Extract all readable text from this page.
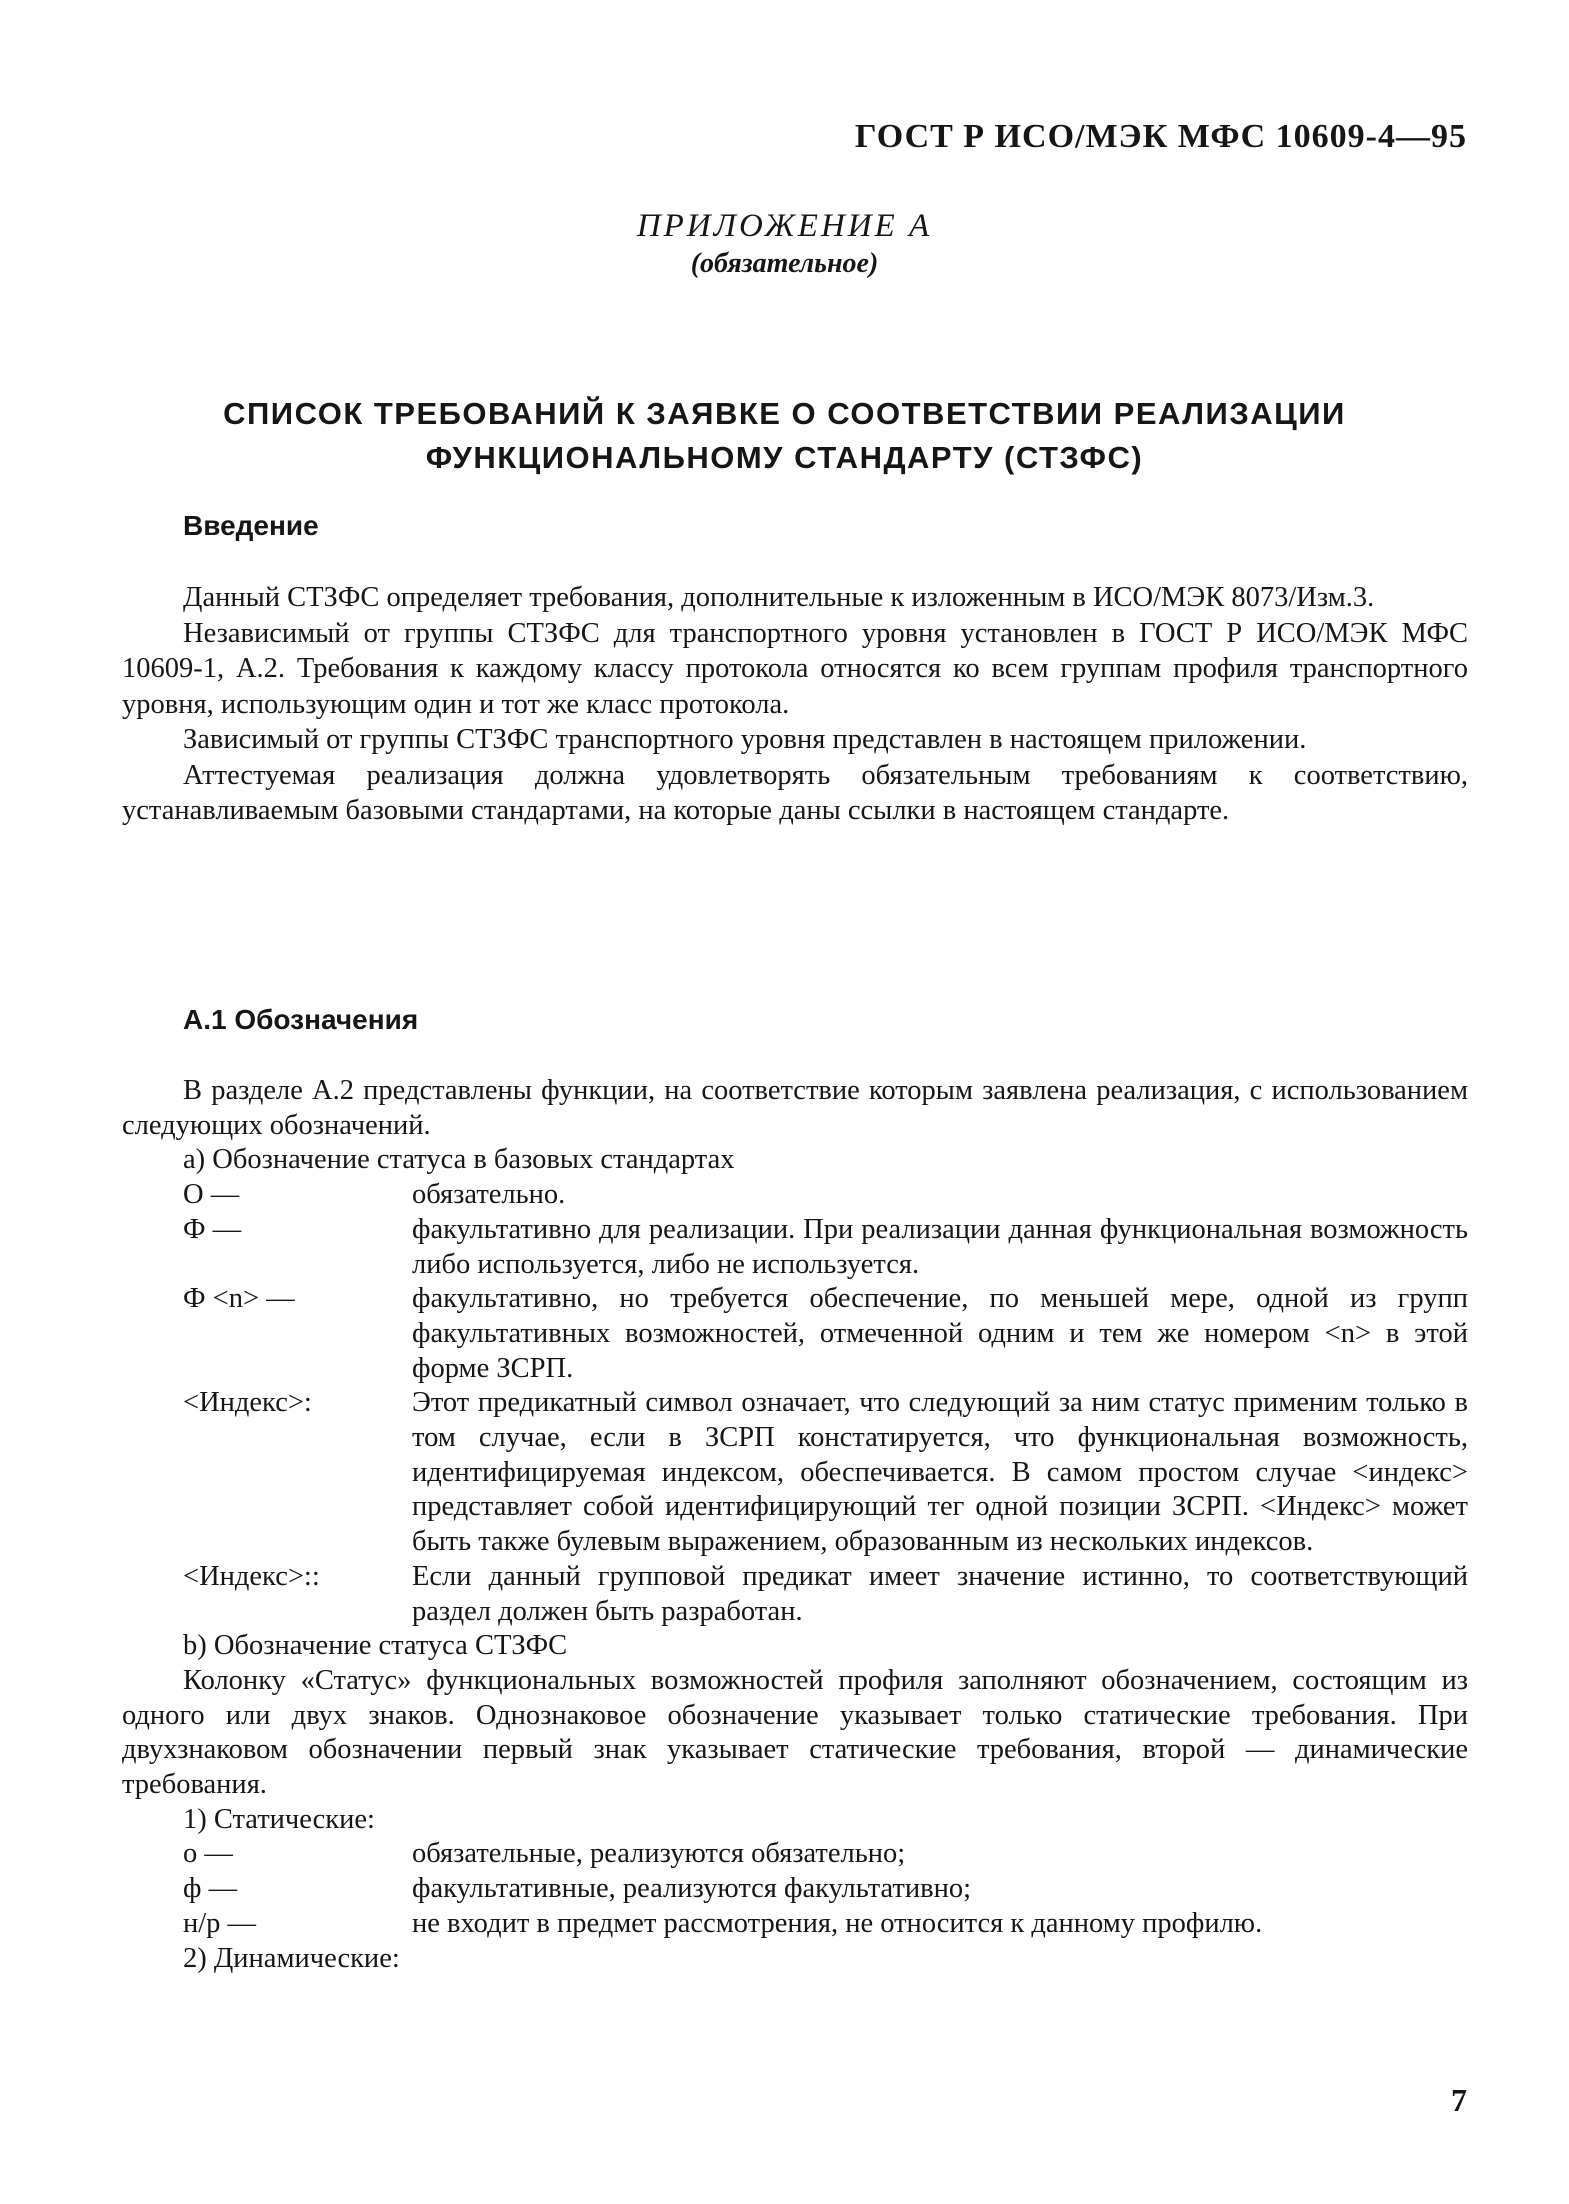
ГОСТ Р ИСО/МЭК МФС 10609-4—95
ПРИЛОЖЕНИЕ А
(обязательное)
СПИСОК ТРЕБОВАНИЙ К ЗАЯВКЕ О СООТВЕТСТВИИ РЕАЛИЗАЦИИ
ФУНКЦИОНАЛЬНОМУ СТАНДАРТУ (СТЗФС)
Введение

Данный СТЗФС определяет требования, дополнительные к изложенным в ИСО/МЭК 8073/Изм.3.

Независимый от группы СТЗФС для транспортного уровня установлен в ГОСТ Р ИСО/МЭК МФС 10609-1, А.2. Требования к каждому классу протокола относятся ко всем группам профиля транспортного уровня, использующим один и тот же класс протокола.

Зависимый от группы СТЗФС транспортного уровня представлен в настоящем приложении.

Аттестуемая реализация должна удовлетворять обязательным требованиям к соответствию, устанавливаемым базовыми стандартами, на которые даны ссылки в настоящем стандарте.

А.1 Обозначения

В разделе А.2 представлены функции, на соответствие которым заявлена реализация, с использованием следующих обозначений.

а) Обозначение статуса в базовых стандартах
О —	обязательно.
Ф —	факультативно для реализации. При реализации данная функциональная возможность либо используется, либо не используется.
Ф <n> —	факультативно, но требуется обеспечение, по меньшей мере, одной из групп факультативных возможностей, отмеченной одним и тем же номером <n> в этой форме ЗСРП.
<Индекс>:	Этот предикатный символ означает, что следующий за ним статус применим только в том случае, если в ЗСРП констатируется, что функциональная возможность, идентифицируемая индексом, обеспечивается. В самом простом случае <индекс> представляет собой идентифицирующий тег одной позиции ЗСРП. <Индекс> может быть также булевым выражением, образованным из нескольких индексов.
<Индекс>::	Если данный групповой предикат имеет значение истинно, то соответствующий раздел должен быть разработан.
b) Обозначение статуса СТЗФС

Колонку «Статус» функциональных возможностей профиля заполняют обозначением, состоящим из одного или двух знаков. Однознаковое обозначение указывает только статические требования. При двухзнаковом обозначении первый знак указывает статические требования, второй — динамические требования.

1) Статические:
о —	обязательные, реализуются обязательно;
ф —	факультативные, реализуются факультативно;
н/р —	не входит в предмет рассмотрения, не относится к данному профилю.
2) Динамические:
7
